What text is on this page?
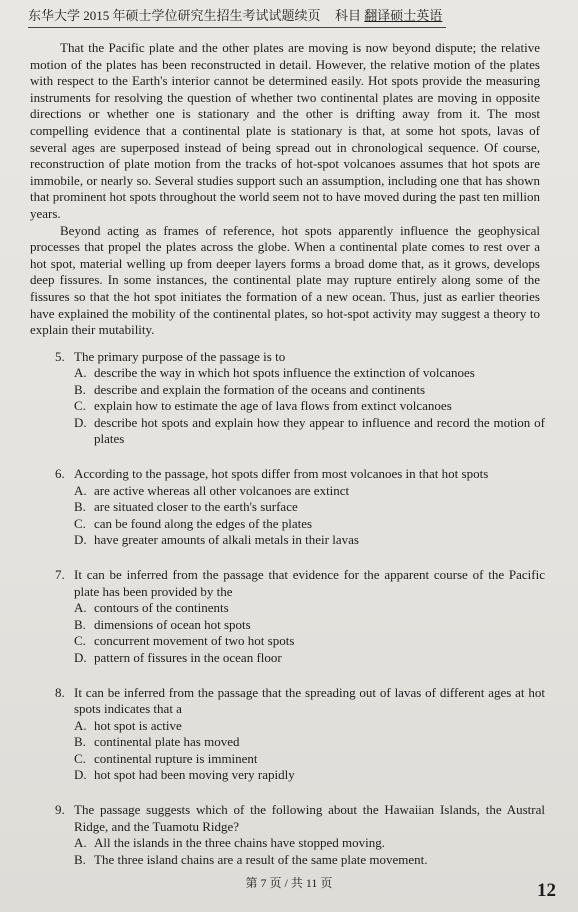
东华大学 2015 年硕士学位研究生招生考试试题续页 科目 翻译硕士英语

That the Pacific plate and the other plates are moving is now beyond dispute; the relative motion of the plates has been reconstructed in detail. However, the relative motion of the plates with respect to the Earth's interior cannot be determined easily. Hot spots provide the measuring instruments for resolving the question of whether two continental plates are moving in opposite directions or whether one is stationary and the other is drifting away from it. The most compelling evidence that a continental plate is stationary is that, at some hot spots, lavas of several ages are superposed instead of being spread out in chronological sequence. Of course, reconstruction of plate motion from the tracks of hot-spot volcanoes assumes that hot spots are immobile, or nearly so. Several studies support such an assumption, including one that has shown that prominent hot spots throughout the world seem not to have moved during the past ten million years.

Beyond acting as frames of reference, hot spots apparently influence the geophysical processes that propel the plates across the globe. When a continental plate comes to rest over a hot spot, material welling up from deeper layers forms a broad dome that, as it grows, develops deep fissures. In some instances, the continental plate may rupture entirely along some of the fissures so that the hot spot initiates the formation of a new ocean. Thus, just as earlier theories have explained the mobility of the continental plates, so hot-spot activity may suggest a theory to explain their mutability.

5. The primary purpose of the passage is to
A. describe the way in which hot spots influence the extinction of volcanoes
B. describe and explain the formation of the oceans and continents
C. explain how to estimate the age of lava flows from extinct volcanoes
D. describe hot spots and explain how they appear to influence and record the motion of plates
6. According to the passage, hot spots differ from most volcanoes in that hot spots
A. are active whereas all other volcanoes are extinct
B. are situated closer to the earth's surface
C. can be found along the edges of the plates
D. have greater amounts of alkali metals in their lavas
7. It can be inferred from the passage that evidence for the apparent course of the Pacific plate has been provided by the
A. contours of the continents
B. dimensions of ocean hot spots
C. concurrent movement of two hot spots
D. pattern of fissures in the ocean floor
8. It can be inferred from the passage that the spreading out of lavas of different ages at hot spots indicates that a
A. hot spot is active
B. continental plate has moved
C. continental rupture is imminent
D. hot spot had been moving very rapidly
9. The passage suggests which of the following about the Hawaiian Islands, the Austral Ridge, and the Tuamotu Ridge?
A. All the islands in the three chains have stopped moving.
B. The three island chains are a result of the same plate movement.
第 7 页 / 共 11 页	12
